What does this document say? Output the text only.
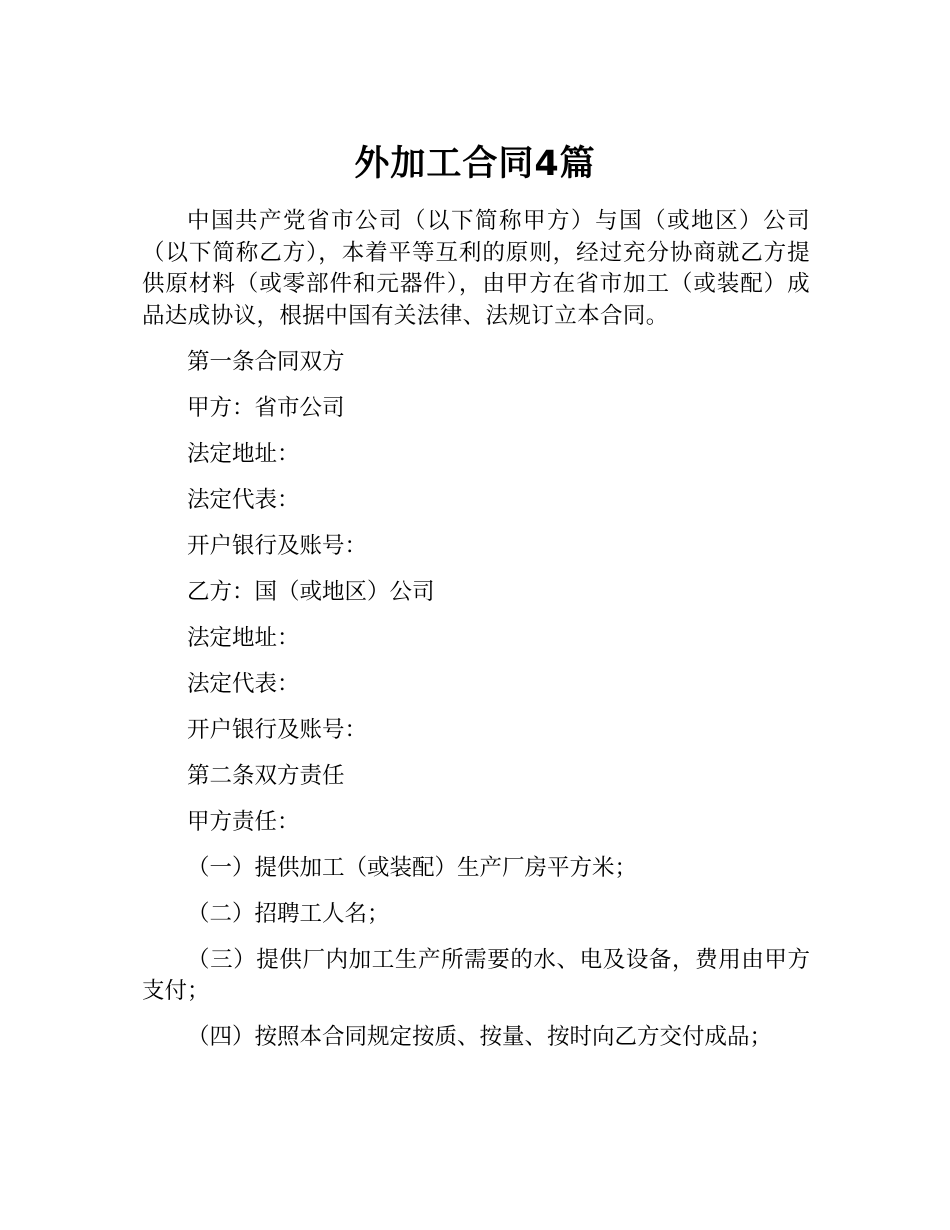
外加工合同4篇

中国共产党省市公司（以下简称甲方）与国（或地区）公司（以下简称乙方），本着平等互利的原则，经过充分协商就乙方提供原材料（或零部件和元器件），由甲方在省市加工（或装配）成品达成协议，根据中国有关法律、法规订立本合同。

第一条合同双方

甲方：省市公司

法定地址：

法定代表：

开户银行及账号：

乙方：国（或地区）公司

法定地址：

法定代表：

开户银行及账号：

第二条双方责任

甲方责任：

（一）提供加工（或装配）生产厂房平方米；

（二）招聘工人名；

（三）提供厂内加工生产所需要的水、电及设备，费用由甲方支付；

（四）按照本合同规定按质、按量、按时向乙方交付成品；
